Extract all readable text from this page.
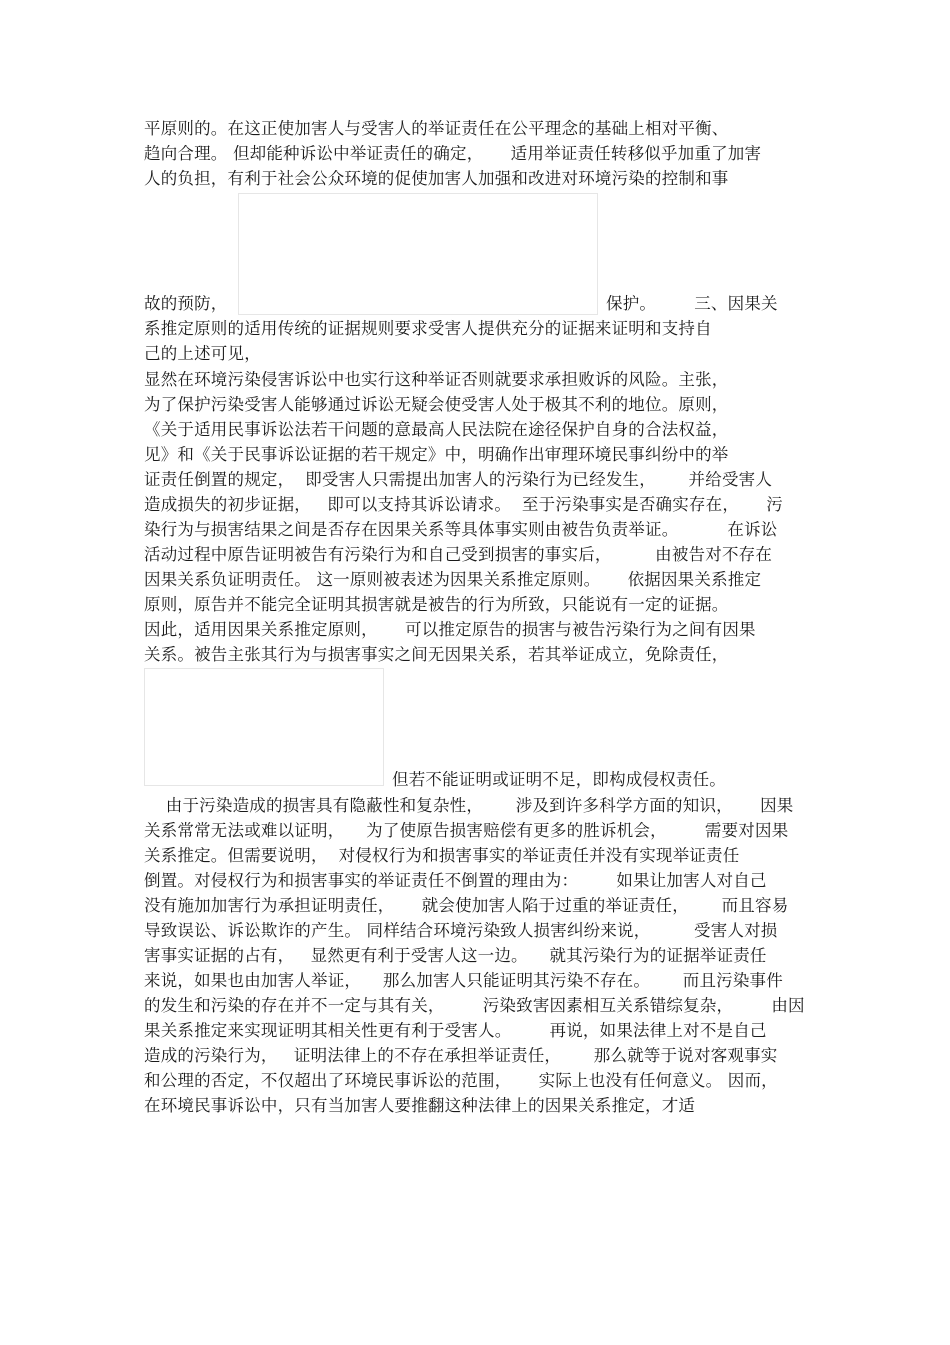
平原则的。在这正使加害人与受害人的举证责任在公平理念的基础上相对平衡、
趋向合理。 但却能种诉讼中举证责任的确定，     适用举证责任转移似乎加重了加害
人的负担，有利于社会公众环境的促使加害人加强和改进对环境污染的控制和事
故的预防，	保护。       三、因果关
系推定原则的适用传统的证据规则要求受害人提供充分的证据来证明和支持自
己的上述可见，
显然在环境污染侵害诉讼中也实行这种举证否则就要求承担败诉的风险。主张，
为了保护污染受害人能够通过诉讼无疑会使受害人处于极其不利的地位。原则，
《关于适用民事诉讼法若干问题的意最高人民法院在途径保护自身的合法权益，
见》和《关于民事诉讼证据的若干规定》中，明确作出审理环境民事纠纷中的举
证责任倒置的规定，  即受害人只需提出加害人的污染行为已经发生，      并给受害人
造成损失的初步证据，   即可以支持其诉讼请求。  至于污染事实是否确实存在，     污
染行为与损害结果之间是否存在因果关系等具体事实则由被告负责举证。         在诉讼
活动过程中原告证明被告有污染行为和自己受到损害的事实后，        由被告对不存在
因果关系负证明责任。 这一原则被表述为因果关系推定原则。     依据因果关系推定
原则，原告并不能完全证明其损害就是被告的行为所致，只能说有一定的证据。
因此，适用因果关系推定原则，     可以推定原告的损害与被告污染行为之间有因果
关系。被告主张其行为与损害事实之间无因果关系，若其举证成立，免除责任，
但若不能证明或证明不足，即构成侵权责任。
由于污染造成的损害具有隐蔽性和复杂性，      涉及到许多科学方面的知识，     因果
关系常常无法或难以证明，    为了使原告损害赔偿有更多的胜诉机会，       需要对因果
关系推定。但需要说明，  对侵权行为和损害事实的举证责任并没有实现举证责任
倒置。对侵权行为和损害事实的举证责任不倒置的理由为：       如果让加害人对自己
没有施加加害行为承担证明责任，     就会使加害人陷于过重的举证责任，      而且容易
导致误讼、诉讼欺诈的产生。 同样结合环境污染致人损害纠纷来说，        受害人对损
害事实证据的占有，   显然更有利于受害人这一边。    就其污染行为的证据举证责任
来说，如果也由加害人举证，    那么加害人只能证明其污染不存在。      而且污染事件
的发生和污染的存在并不一定与其有关，       污染致害因素相互关系错综复杂，       由因
果关系推定来实现证明其相关性更有利于受害人。       再说，如果法律上对不是自己
造成的污染行为，   证明法律上的不存在承担举证责任，      那么就等于说对客观事实
和公理的否定，不仅超出了环境民事诉讼的范围，     实际上也没有任何意义。 因而，
在环境民事诉讼中，只有当加害人要推翻这种法律上的因果关系推定，才适
